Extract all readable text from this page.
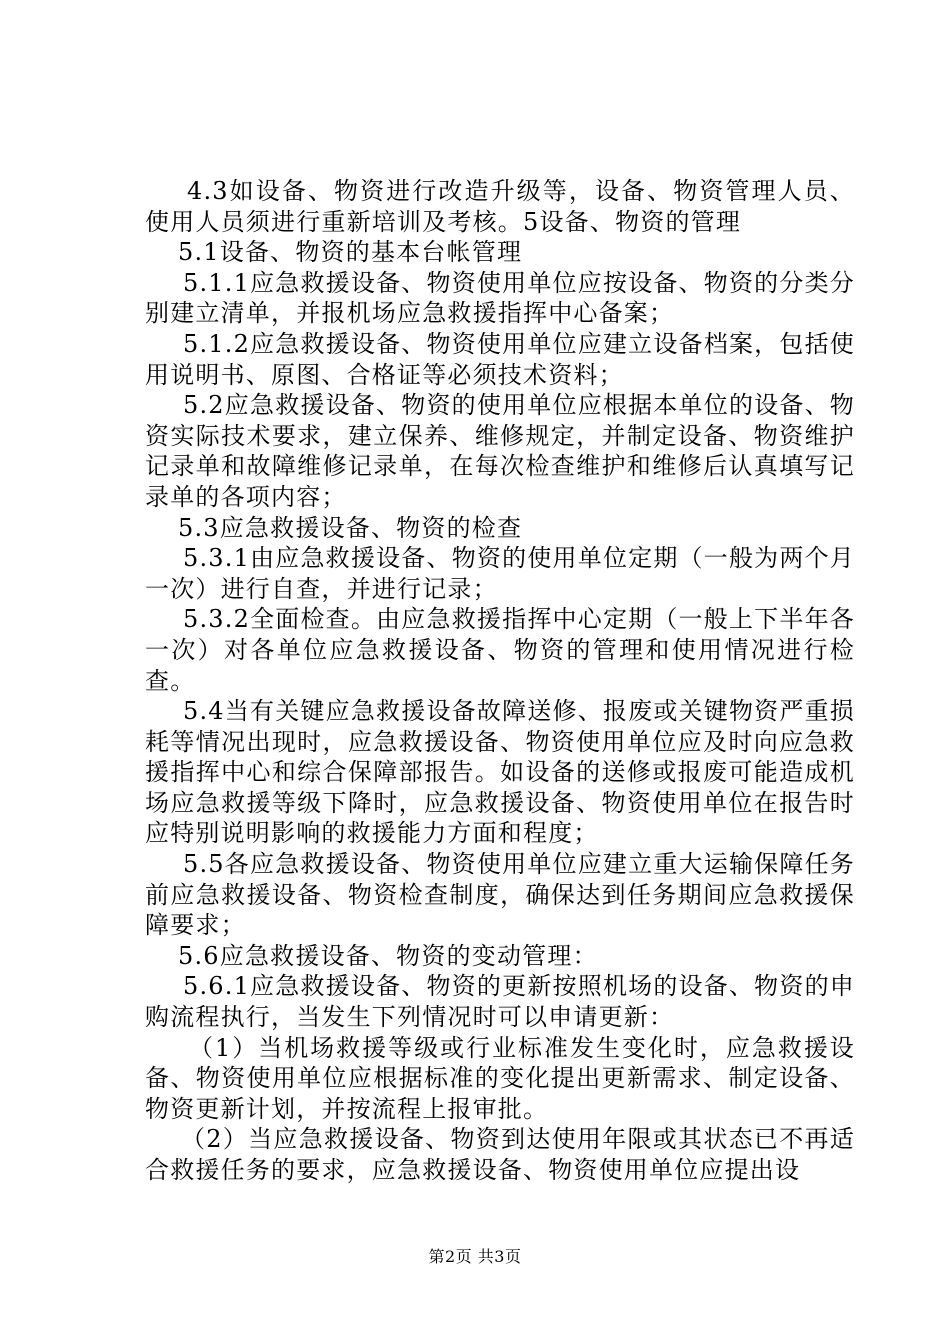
4.3如设备、物资进行改造升级等，设备、物资管理人员、使用人员须进行重新培训及考核。5设备、物资的管理

5.1设备、物资的基本台帐管理

5.1.1应急救援设备、物资使用单位应按设备、物资的分类分别建立清单，并报机场应急救援指挥中心备案；

5.1.2应急救援设备、物资使用单位应建立设备档案，包括使用说明书、原图、合格证等必须技术资料；

5.2应急救援设备、物资的使用单位应根据本单位的设备、物资实际技术要求，建立保养、维修规定，并制定设备、物资维护记录单和故障维修记录单，在每次检查维护和维修后认真填写记录单的各项内容；

5.3应急救援设备、物资的检查

5.3.1由应急救援设备、物资的使用单位定期（一般为两个月一次）进行自查，并进行记录；

5.3.2全面检查。由应急救援指挥中心定期（一般上下半年各一次）对各单位应急救援设备、物资的管理和使用情况进行检查。

5.4当有关键应急救援设备故障送修、报废或关键物资严重损耗等情况出现时，应急救援设备、物资使用单位应及时向应急救援指挥中心和综合保障部报告。如设备的送修或报废可能造成机场应急救援等级下降时，应急救援设备、物资使用单位在报告时应特别说明影响的救援能力方面和程度；

5.5各应急救援设备、物资使用单位应建立重大运输保障任务前应急救援设备、物资检查制度，确保达到任务期间应急救援保障要求；

5.6应急救援设备、物资的变动管理：

5.6.1应急救援设备、物资的更新按照机场的设备、物资的申购流程执行，当发生下列情况时可以申请更新：

（1）当机场救援等级或行业标准发生变化时，应急救援设备、物资使用单位应根据标准的变化提出更新需求、制定设备、物资更新计划，并按流程上报审批。

（2）当应急救援设备、物资到达使用年限或其状态已不再适合救援任务的要求，应急救援设备、物资使用单位应提出设

第2页 共3页
